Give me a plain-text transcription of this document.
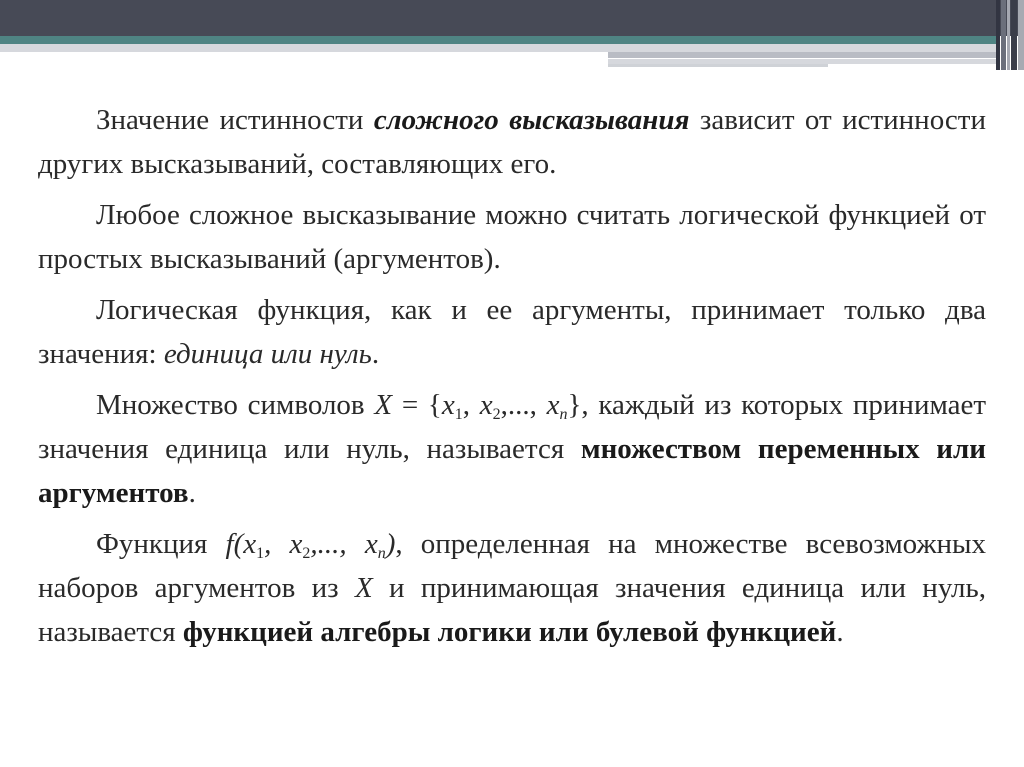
Значение истинности сложного высказывания зависит от истинности других высказываний, составляющих его.

Любое сложное высказывание можно считать логической функцией от простых высказываний (аргументов).

Логическая функция, как и ее аргументы, принимает только два значения: единица или нуль.

Множество символов $X = \{x_1$, $x_2$,..., $x_n$}, каждый из которых принимает значения единица или нуль, называется множеством переменных или аргументов.

Функция $f(x_1$, $x_2$,..., $x_n$), определенная на множестве всевозможных наборов аргументов из X и принимающая значения единица или нуль, называется функцией алгебры логики или булевой функцией.
